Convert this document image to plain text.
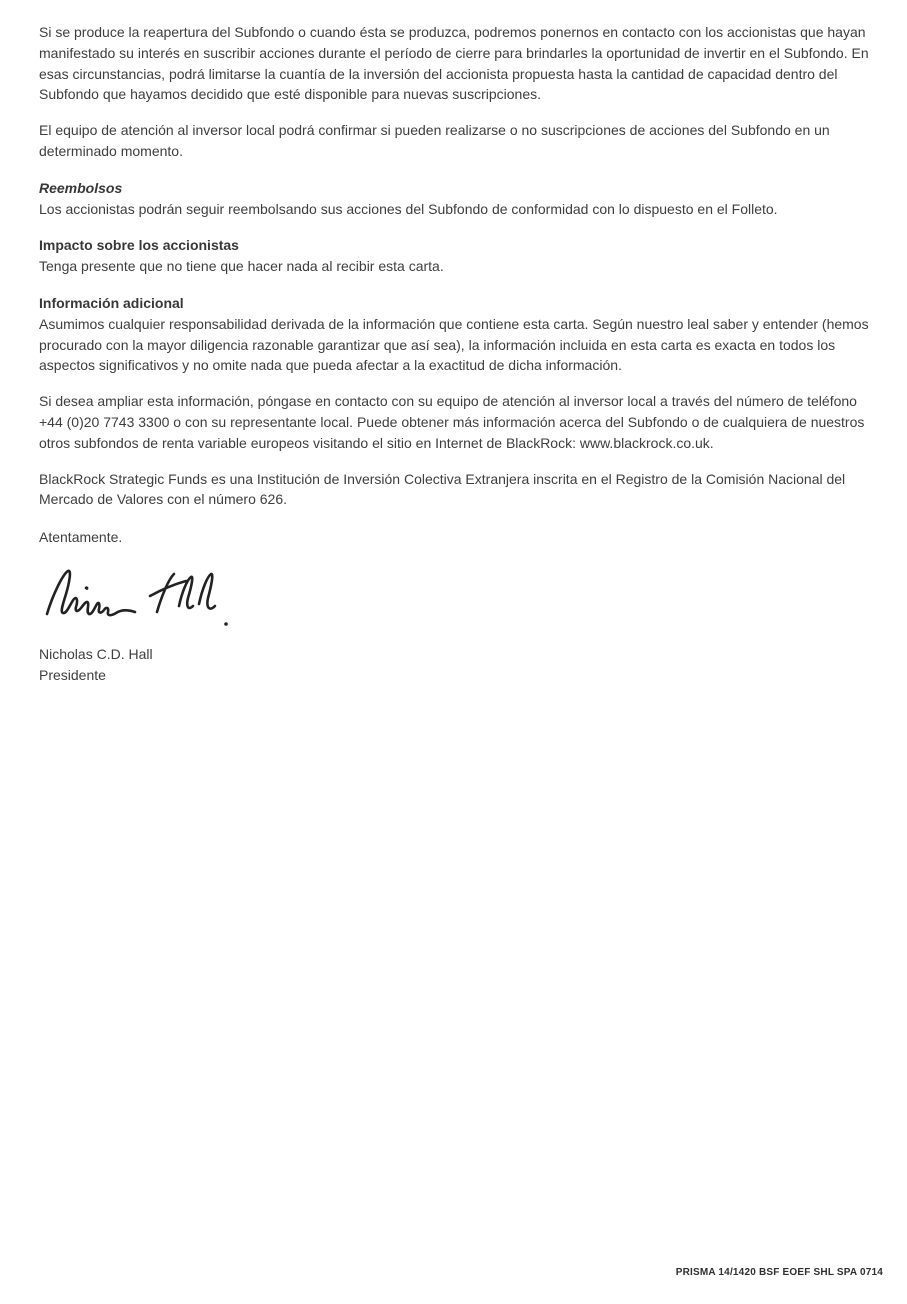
Si se produce la reapertura del Subfondo o cuando ésta se produzca, podremos ponernos en contacto con los accionistas que hayan manifestado su interés en suscribir acciones durante el período de cierre para brindarles la oportunidad de invertir en el Subfondo. En esas circunstancias, podrá limitarse la cuantía de la inversión del accionista propuesta hasta la cantidad de capacidad dentro del Subfondo que hayamos decidido que esté disponible para nuevas suscripciones.

El equipo de atención al inversor local podrá confirmar si pueden realizarse o no suscripciones de acciones del Subfondo en un determinado momento.

Reembolsos

Los accionistas podrán seguir reembolsando sus acciones del Subfondo de conformidad con lo dispuesto en el Folleto.

Impacto sobre los accionistas

Tenga presente que no tiene que hacer nada al recibir esta carta.

Información adicional

Asumimos cualquier responsabilidad derivada de la información que contiene esta carta. Según nuestro leal saber y entender (hemos procurado con la mayor diligencia razonable garantizar que así sea), la información incluida en esta carta es exacta en todos los aspectos significativos y no omite nada que pueda afectar a la exactitud de dicha información.

Si desea ampliar esta información, póngase en contacto con su equipo de atención al inversor local a través del número de teléfono +44 (0)20 7743 3300 o con su representante local. Puede obtener más información acerca del Subfondo o de cualquiera de nuestros otros subfondos de renta variable europeos visitando el sitio en Internet de BlackRock: www.blackrock.co.uk.

BlackRock Strategic Funds es una Institución de Inversión Colectiva Extranjera inscrita en el Registro de la Comisión Nacional del Mercado de Valores con el número 626.

Atentamente.

Nicholas C.D. Hall

Presidente

PRISMA 14/1420 BSF EOEF SHL SPA 0714
